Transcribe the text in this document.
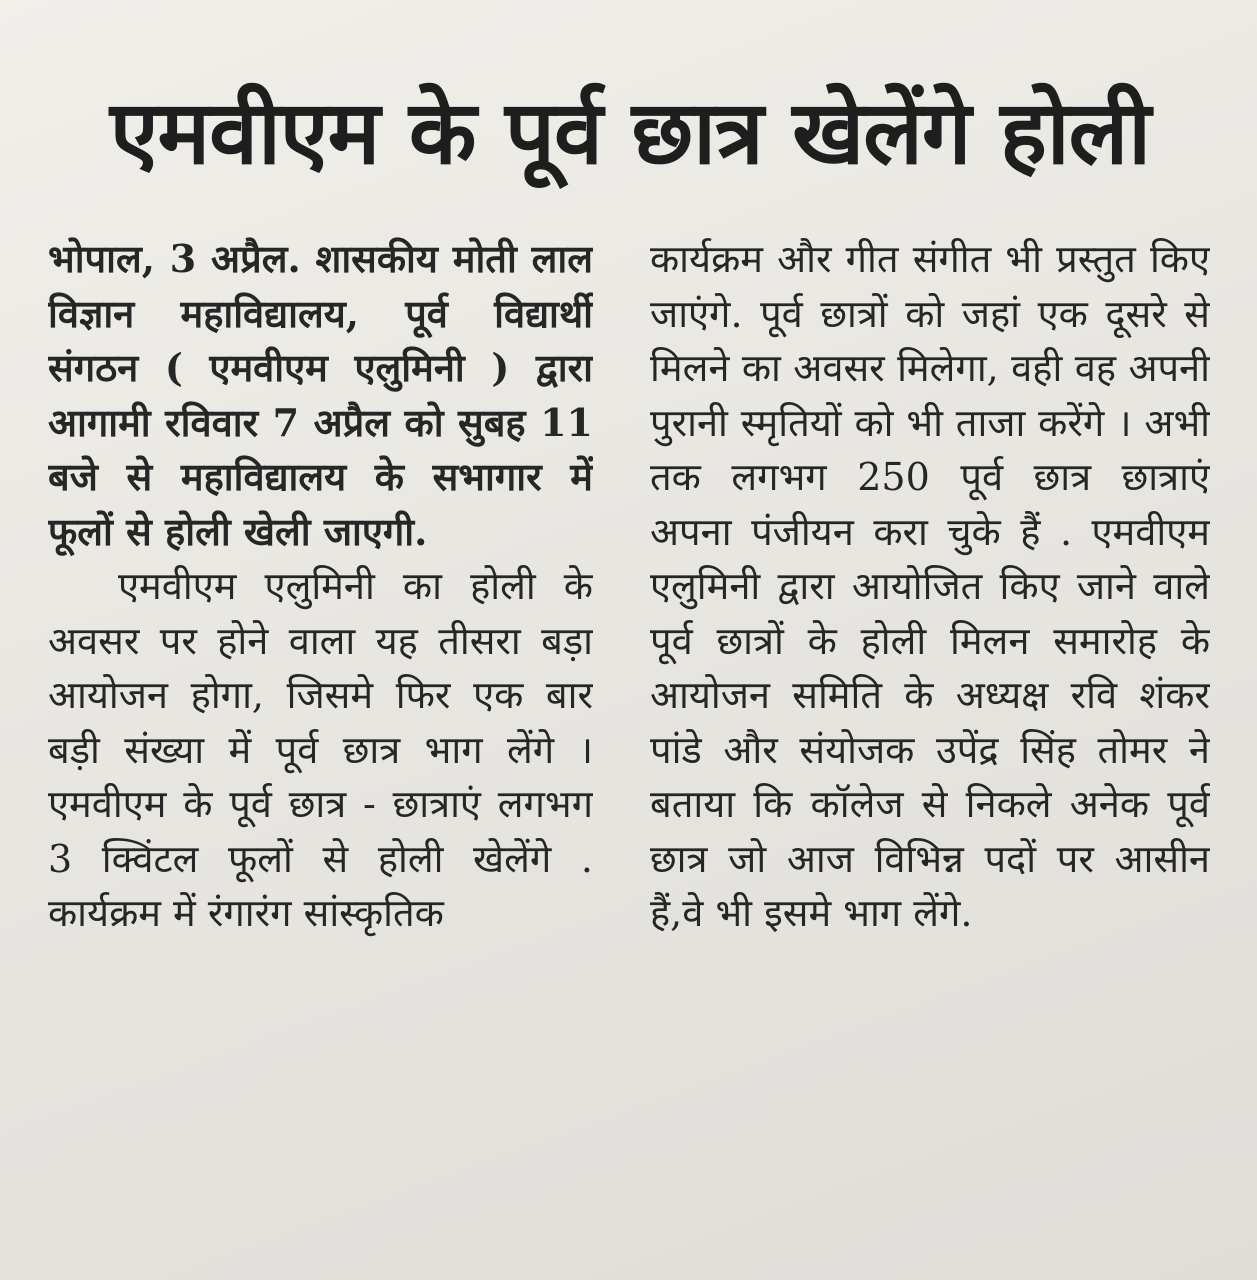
एमवीएम के पूर्व छात्र खेलेंगे होली

भोपाल, 3 अप्रैल. शासकीय मोती लाल विज्ञान महाविद्यालय, पूर्व विद्यार्थी संगठन ( एमवीएम एलुमिनी ) द्वारा आगामी रविवार 7 अप्रैल को सुबह 11 बजे से महाविद्यालय के सभागार में फूलों से होली खेली जाएगी.

एमवीएम एलुमिनी का होली के अवसर पर होने वाला यह तीसरा बड़ा आयोजन होगा, जिसमे फिर एक बार बड़ी संख्या में पूर्व छात्र भाग लेंगे । एमवीएम के पूर्व छात्र - छात्राएं लगभग 3 क्विंटल फूलों से होली खेलेंगे . कार्यक्रम में रंगारंग सांस्कृतिक

कार्यक्रम और गीत संगीत भी प्रस्तुत किए जाएंगे. पूर्व छात्रों को जहां एक दूसरे से मिलने का अवसर मिलेगा, वही वह अपनी पुरानी स्मृतियों को भी ताजा करेंगे । अभी तक लगभग 250 पूर्व छात्र छात्राएं अपना पंजीयन करा चुके हैं . एमवीएम एलुमिनी द्वारा आयोजित किए जाने वाले पूर्व छात्रों के होली मिलन समारोह के आयोजन समिति के अध्यक्ष रवि शंकर पांडे और संयोजक उपेंद्र सिंह तोमर ने बताया कि कॉलेज से निकले अनेक पूर्व छात्र जो आज विभिन्न पदों पर आसीन हैं,वे भी इसमे भाग लेंगे.
